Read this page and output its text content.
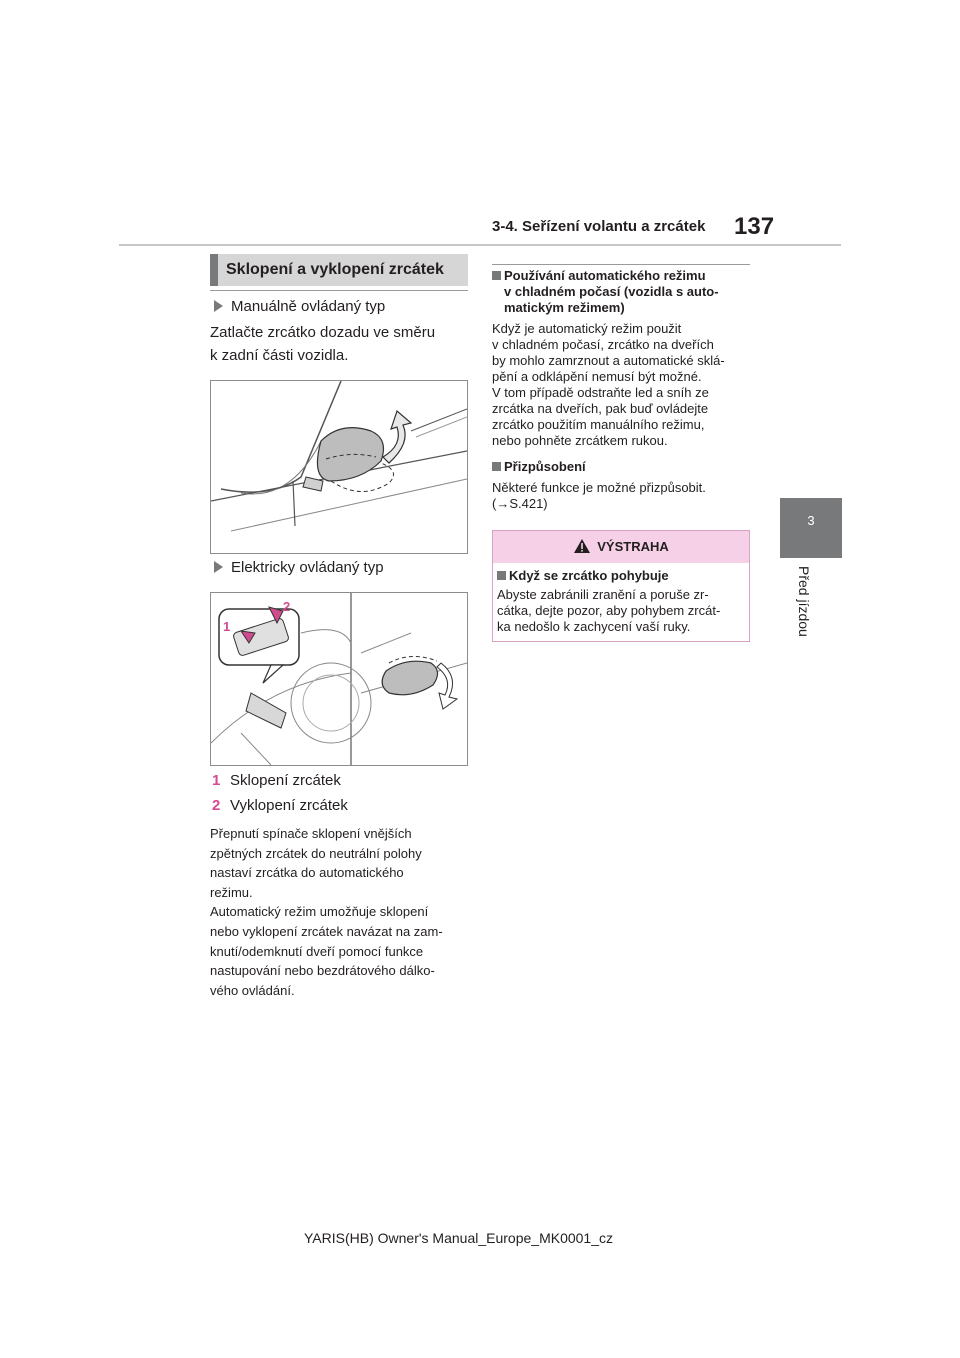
3-4. Seřízení volantu a zrcátek 137
3
Před jízdou
Sklopení a vyklopení zrcátek
Manuálně ovládaný typ
Zatlačte zrcátko dozadu ve směru
k zadní části vozidla.
Elektricky ovládaný typ
1
2
1 Sklopení zrcátek
2 Vyklopení zrcátek
Přepnutí spínače sklopení vnějších
zpětných zrcátek do neutrální polohy
nastaví zrcátka do automatického
režimu.
Automatický režim umožňuje sklopení
nebo vyklopení zrcátek navázat na zam-
knutí/odemknutí dveří pomocí funkce
nastupování nebo bezdrátového dálko-
vého ovládání.
Používání automatického režimu
v chladném počasí (vozidla s auto-
matickým režimem)
Když je automatický režim použit
v chladném počasí, zrcátko na dveřích
by mohlo zamrznout a automatické sklá-
pění a odklápění nemusí být možné.
V tom případě odstraňte led a sníh ze
zrcátka na dveřích, pak buď ovládejte
zrcátko použitím manuálního režimu,
nebo pohněte zrcátkem rukou.
Přizpůsobení
Některé funkce je možné přizpůsobit.
(→S.421)
VÝSTRAHA
Když se zrcátko pohybuje
Abyste zabránili zranění a poruše zr-
cátka, dejte pozor, aby pohybem zrcát-
ka nedošlo k zachycení vaší ruky.
YARIS(HB) Owner's Manual_Europe_MK0001_cz
